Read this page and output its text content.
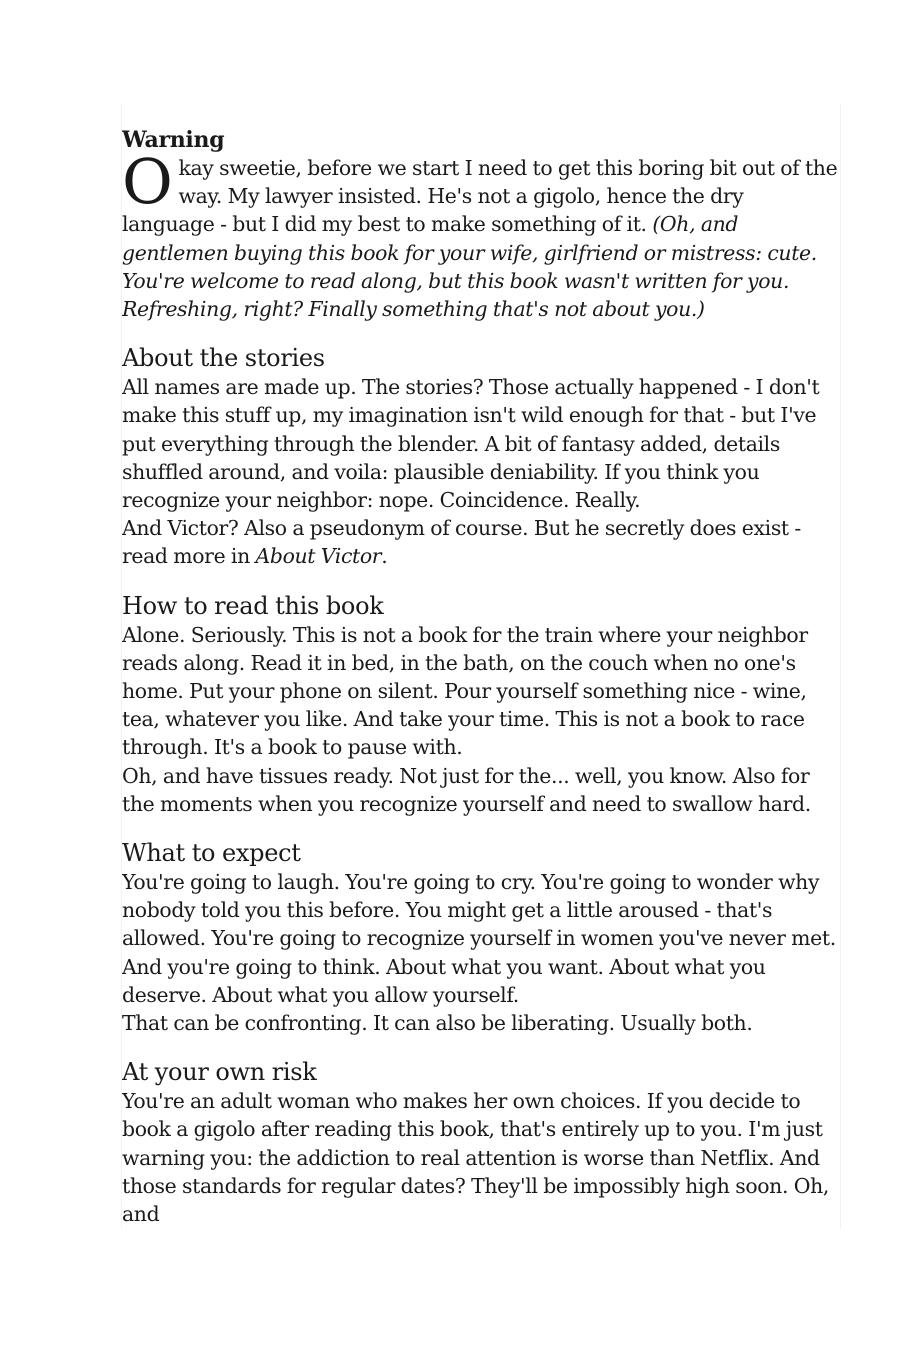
Warning

O kay sweetie, before we start I need to get this boring bit out of the way. My lawyer insisted. He's not a gigolo, hence the dry language - but I did my best to make something of it. (Oh, and gentlemen buying this book for your wife, girlfriend or mistress: cute. You're welcome to read along, but this book wasn't written for you. Refreshing, right? Finally something that's not about you.)

About the stories

All names are made up. The stories? Those actually happened - I don't make this stuff up, my imagination isn't wild enough for that - but I've put everything through the blender. A bit of fantasy added, details shuffled around, and voila: plausible deniability. If you think you recognize your neighbor: nope. Coincidence. Really.

And Victor? Also a pseudonym of course. But he secretly does exist - read more in About Victor.

How to read this book

Alone. Seriously. This is not a book for the train where your neighbor reads along. Read it in bed, in the bath, on the couch when no one's home. Put your phone on silent. Pour yourself something nice - wine, tea, whatever you like. And take your time. This is not a book to race through. It's a book to pause with.

Oh, and have tissues ready. Not just for the... well, you know. Also for the moments when you recognize yourself and need to swallow hard.

What to expect

You're going to laugh. You're going to cry. You're going to wonder why nobody told you this before. You might get a little aroused - that's allowed. You're going to recognize yourself in women you've never met. And you're going to think. About what you want. About what you deserve. About what you allow yourself.

That can be confronting. It can also be liberating. Usually both.

At your own risk

You're an adult woman who makes her own choices. If you decide to book a gigolo after reading this book, that's entirely up to you. I'm just warning you: the addiction to real attention is worse than Netflix. And those standards for regular dates? They'll be impossibly high soon. Oh, and
